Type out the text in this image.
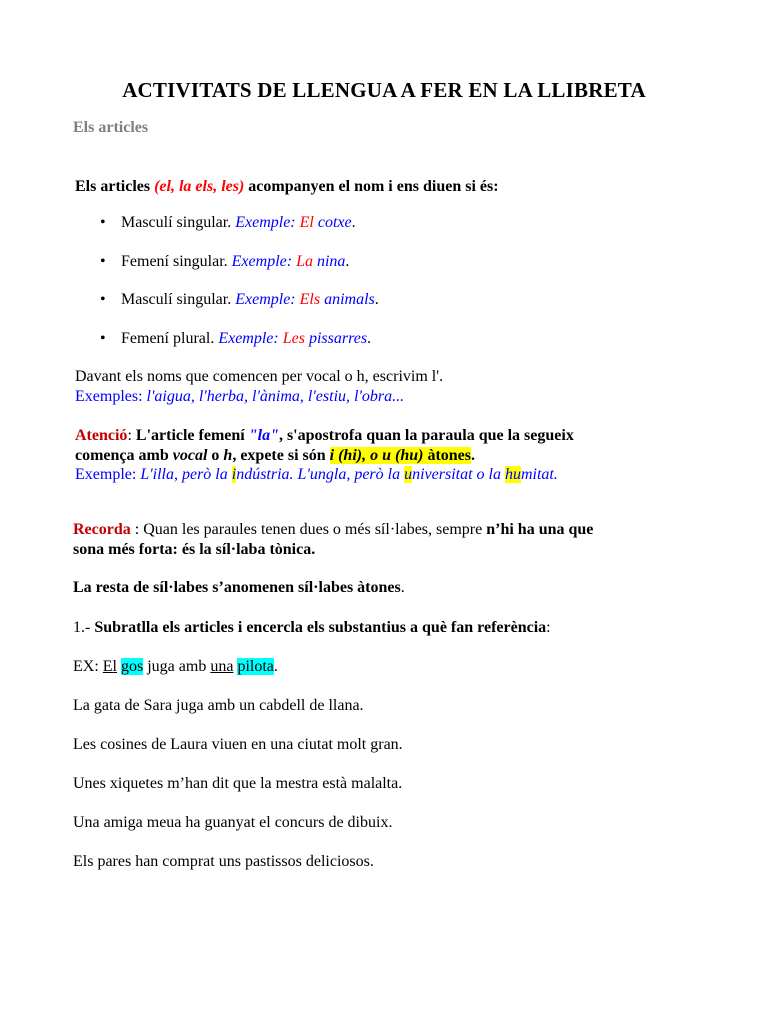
ACTIVITATS DE LLENGUA A FER EN LA LLIBRETA
Els articles
Els articles (el, la els, les) acompanyen el nom i ens diuen si és:
• Masculí singular. Exemple: El cotxe.
• Femení singular. Exemple: La nina.
• Masculí singular. Exemple: Els animals.
• Femení plural. Exemple: Les pissarres.
Davant els noms que comencen per vocal o h, escrivim l'.
Exemples: l'aigua, l'herba, l'ànima, l'estiu, l'obra...
Atenció: L'article femení "la", s'apostrofa quan la paraula que la segueix
comença amb vocal o h, expete si són i (hi), o u (hu) àtones.
Exemple: L'illa, però la indústria. L'ungla, però la universitat o la humitat.
Recorda : Quan les paraules tenen dues o més síl·labes, sempre n’hi ha una que
sona més forta: és la síl·laba tònica.
La resta de síl·labes s’anomenen síl·labes àtones.
1.- Subratlla els articles i encercla els substantius a què fan referència:
EX: El gos juga amb una pilota.
La gata de Sara juga amb un cabdell de llana.
Les cosines de Laura viuen en una ciutat molt gran.
Unes xiquetes m’han dit que la mestra està malalta.
Una amiga meua ha guanyat el concurs de dibuix.
Els pares han comprat uns pastissos deliciosos.
